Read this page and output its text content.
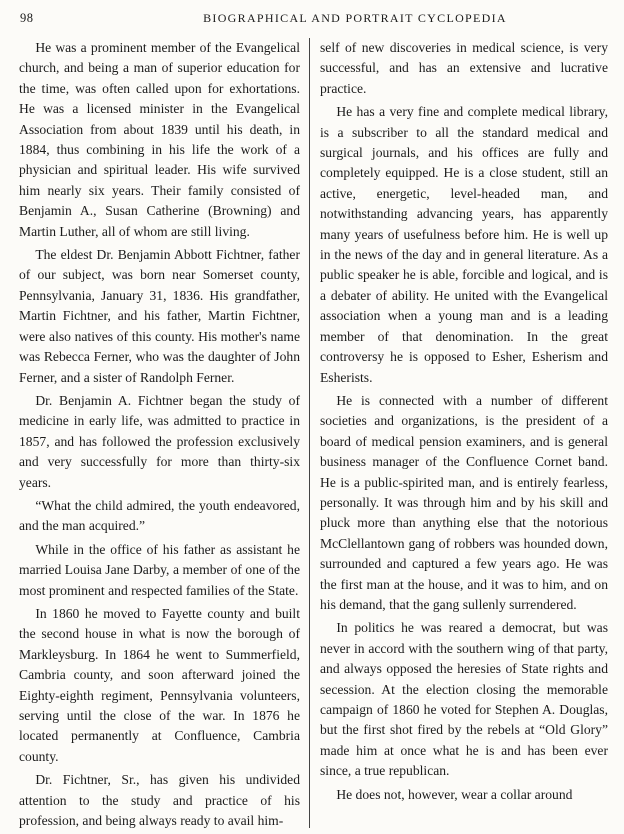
98	BIOGRAPHICAL AND PORTRAIT CYCLOPEDIA

He was a prominent member of the Evangelical church, and being a man of superior education for the time, was often called upon for exhortations. He was a licensed minister in the Evangelical Association from about 1839 until his death, in 1884, thus combining in his life the work of a physician and spiritual leader. His wife survived him nearly six years. Their family consisted of Benjamin A., Susan Catherine (Browning) and Martin Luther, all of whom are still living.

The eldest Dr. Benjamin Abbott Fichtner, father of our subject, was born near Somerset county, Pennsylvania, January 31, 1836. His grandfather, Martin Fichtner, and his father, Martin Fichtner, were also natives of this county. His mother's name was Rebecca Ferner, who was the daughter of John Ferner, and a sister of Randolph Ferner.

Dr. Benjamin A. Fichtner began the study of medicine in early life, was admitted to practice in 1857, and has followed the profession exclusively and very successfully for more than thirty-six years.

“What the child admired, the youth endeavored, and the man acquired.”

While in the office of his father as assistant he married Louisa Jane Darby, a member of one of the most prominent and respected families of the State.

In 1860 he moved to Fayette county and built the second house in what is now the borough of Markleysburg. In 1864 he went to Summerfield, Cambria county, and soon afterward joined the Eighty-eighth regiment, Pennsylvania volunteers, serving until the close of the war. In 1876 he located permanently at Confluence, Cambria county.

Dr. Fichtner, Sr., has given his undivided attention to the study and practice of his profession, and being always ready to avail him-

self of new discoveries in medical science, is very successful, and has an extensive and lucrative practice.

He has a very fine and complete medical library, is a subscriber to all the standard medical and surgical journals, and his offices are fully and completely equipped. He is a close student, still an active, energetic, level-headed man, and notwithstanding advancing years, has apparently many years of usefulness before him. He is well up in the news of the day and in general literature. As a public speaker he is able, forcible and logical, and is a debater of ability. He united with the Evangelical association when a young man and is a leading member of that denomination. In the great controversy he is opposed to Esher, Esherism and Esherists.

He is connected with a number of different societies and organizations, is the president of a board of medical pension examiners, and is general business manager of the Confluence Cornet band. He is a public-spirited man, and is entirely fearless, personally. It was through him and by his skill and pluck more than anything else that the notorious McClellantown gang of robbers was hounded down, surrounded and captured a few years ago. He was the first man at the house, and it was to him, and on his demand, that the gang sullenly surrendered.

In politics he was reared a democrat, but was never in accord with the southern wing of that party, and always opposed the heresies of State rights and secession. At the election closing the memorable campaign of 1860 he voted for Stephen A. Douglas, but the first shot fired by the rebels at “Old Glory” made him at once what he is and has been ever since, a true republican.

He does not, however, wear a collar around
